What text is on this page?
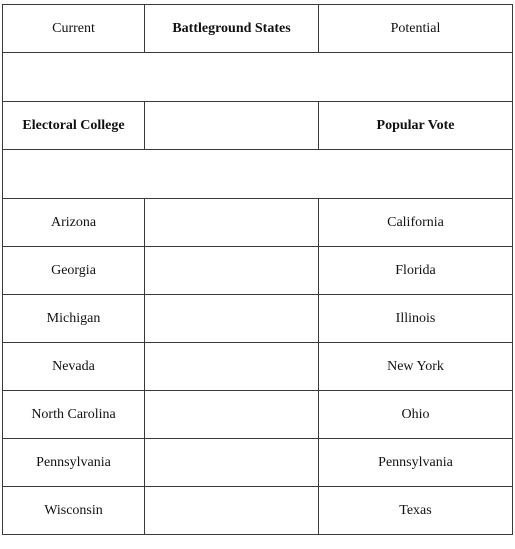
Current	Battleground States	Potential

Electoral College		Popular Vote

Arizona		California
Georgia		Florida
Michigan		Illinois
Nevada		New York
North Carolina		Ohio
Pennsylvania		Pennsylvania
Wisconsin		Texas
